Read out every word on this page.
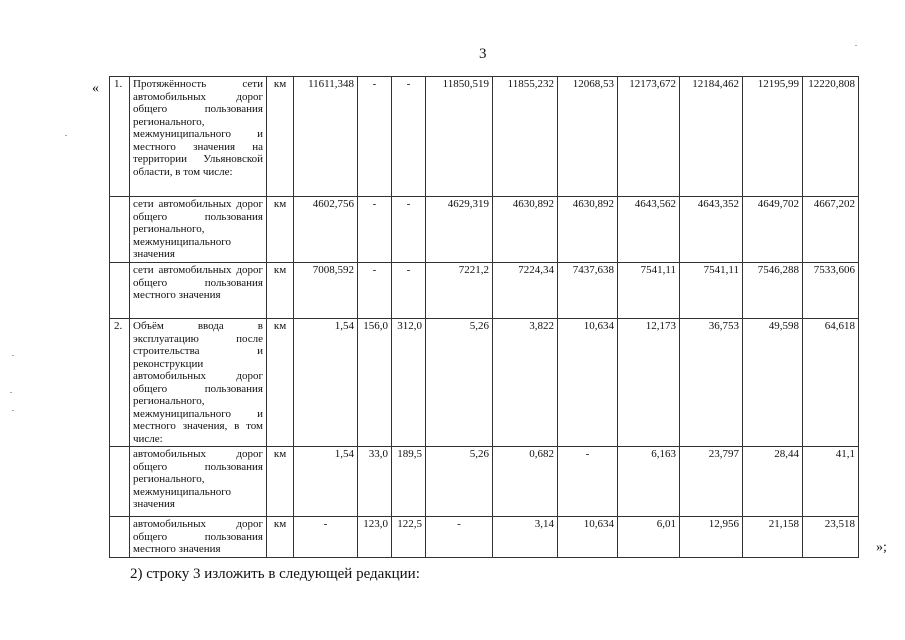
3
« 1.	Протяжённость сети автомобильных дорог общего пользования регионального, межмуниципального и местного значения на территории Ульяновской области, в том числе:	км	11611,348	-	-	11850,519	11855,232	12068,53	12173,672	12184,462	12195,99	12220,808
	сети автомобильных дорог общего пользования регионального, межмуниципального значения	км	4602,756	-	-	4629,319	4630,892	4630,892	4643,562	4643,352	4649,702	4667,202
	сети автомобильных дорог общего пользования местного значения	км	7008,592	-	-	7221,2	7224,34	7437,638	7541,11	7541,11	7546,288	7533,606
2.	Объём ввода в эксплуатацию после строительства и реконструкции автомобильных дорог общего пользования регионального, межмуниципального и местного значения, в том числе:	км	1,54	156,0	312,0	5,26	3,822	10,634	12,173	36,753	49,598	64,618
	автомобильных дорог общего пользования регионального, межмуниципального значения	км	1,54	33,0	189,5	5,26	0,682	-	6,163	23,797	28,44	41,1
	автомобильных дорог общего пользования местного значения	км	-	123,0	122,5	-	3,14	10,634	6,01	12,956	21,158	23,518
»;
2) строку 3 изложить в следующей редакции:
